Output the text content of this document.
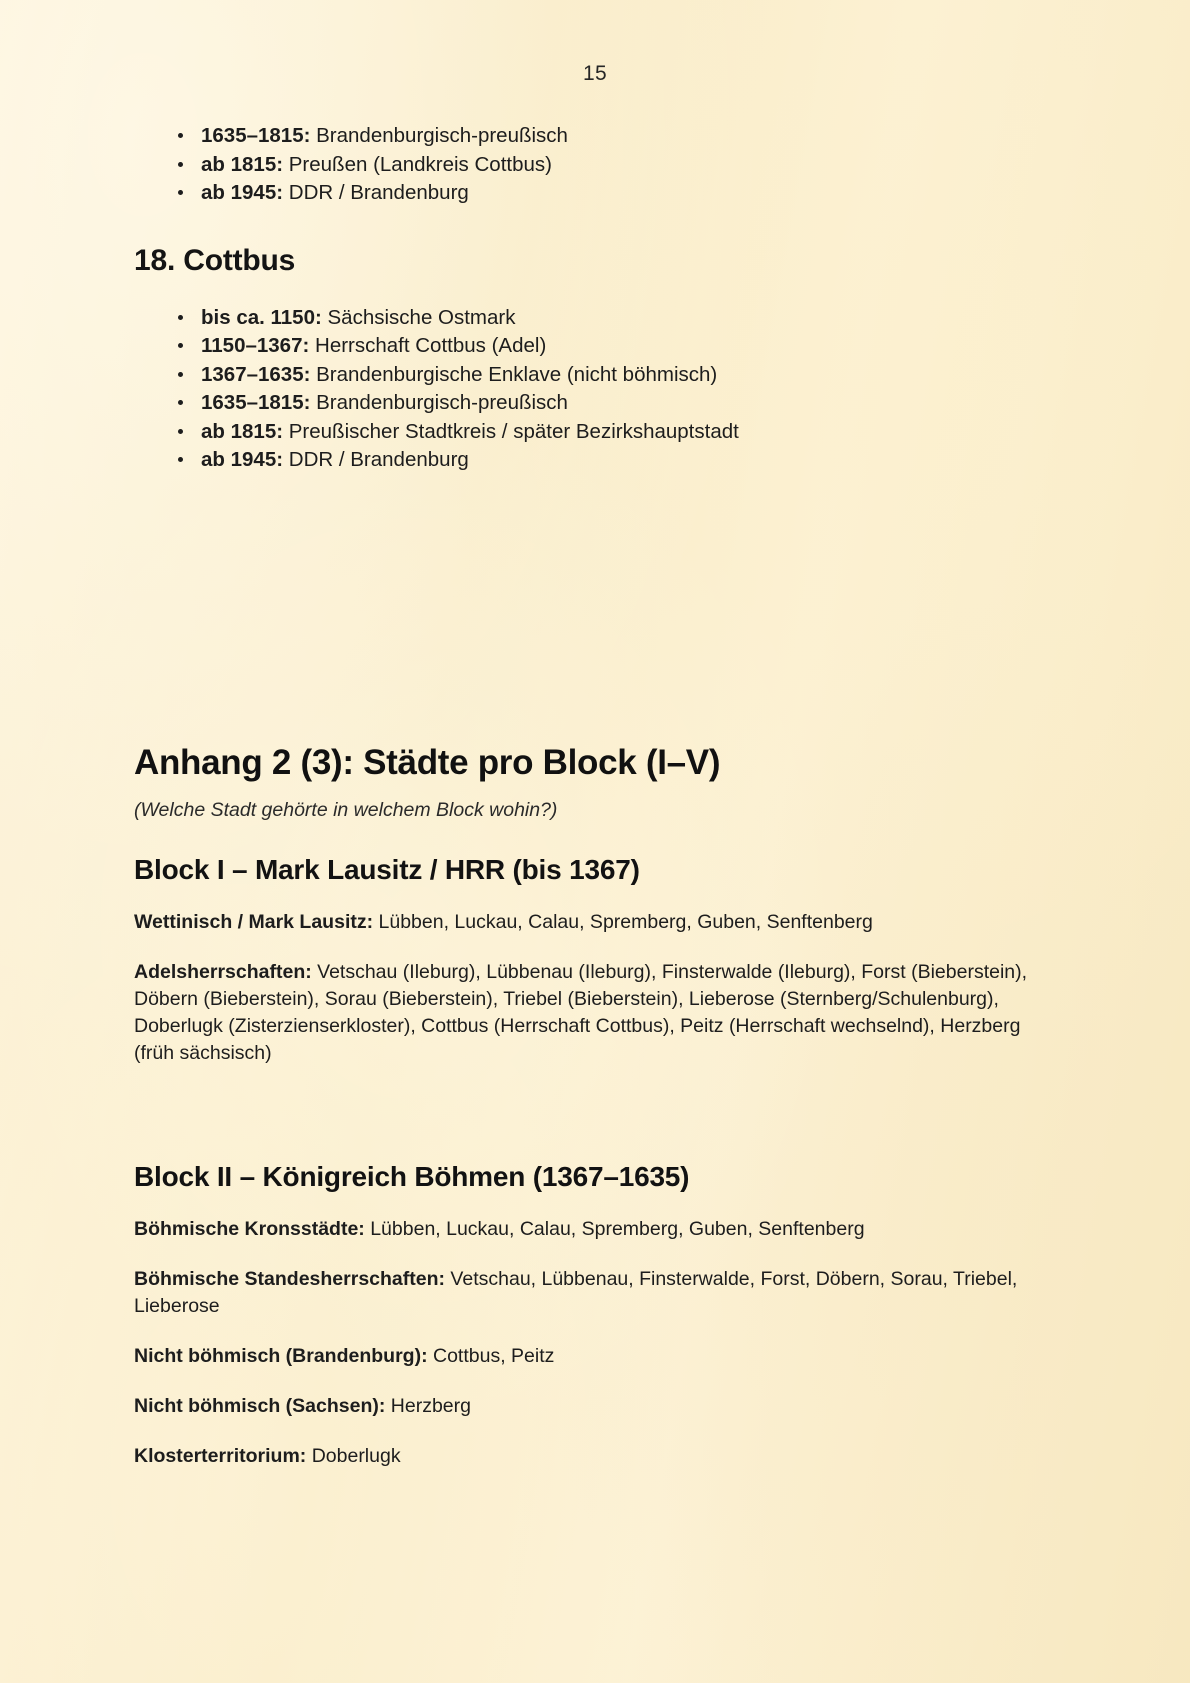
15
1635–1815: Brandenburgisch-preußisch
ab 1815: Preußen (Landkreis Cottbus)
ab 1945: DDR / Brandenburg
18. Cottbus
bis ca. 1150: Sächsische Ostmark
1150–1367: Herrschaft Cottbus (Adel)
1367–1635: Brandenburgische Enklave (nicht böhmisch)
1635–1815: Brandenburgisch-preußisch
ab 1815: Preußischer Stadtkreis / später Bezirkshauptstadt
ab 1945: DDR / Brandenburg
Anhang 2 (3): Städte pro Block (I–V)

(Welche Stadt gehörte in welchem Block wohin?)

Block I – Mark Lausitz / HRR (bis 1367)

Wettinisch / Mark Lausitz: Lübben, Luckau, Calau, Spremberg, Guben, Senftenberg

Adelsherrschaften: Vetschau (Ileburg), Lübbenau (Ileburg), Finsterwalde (Ileburg), Forst (Bieberstein), Döbern (Bieberstein), Sorau (Bieberstein), Triebel (Bieberstein), Lieberose (Sternberg/Schulenburg), Doberlugk (Zisterzienserkloster), Cottbus (Herrschaft Cottbus), Peitz (Herrschaft wechselnd), Herzberg (früh sächsisch)

Block II – Königreich Böhmen (1367–1635)

Böhmische Kronsstädte: Lübben, Luckau, Calau, Spremberg, Guben, Senftenberg

Böhmische Standesherrschaften: Vetschau, Lübbenau, Finsterwalde, Forst, Döbern, Sorau, Triebel, Lieberose

Nicht böhmisch (Brandenburg): Cottbus, Peitz

Nicht böhmisch (Sachsen): Herzberg

Klosterterritorium: Doberlugk
